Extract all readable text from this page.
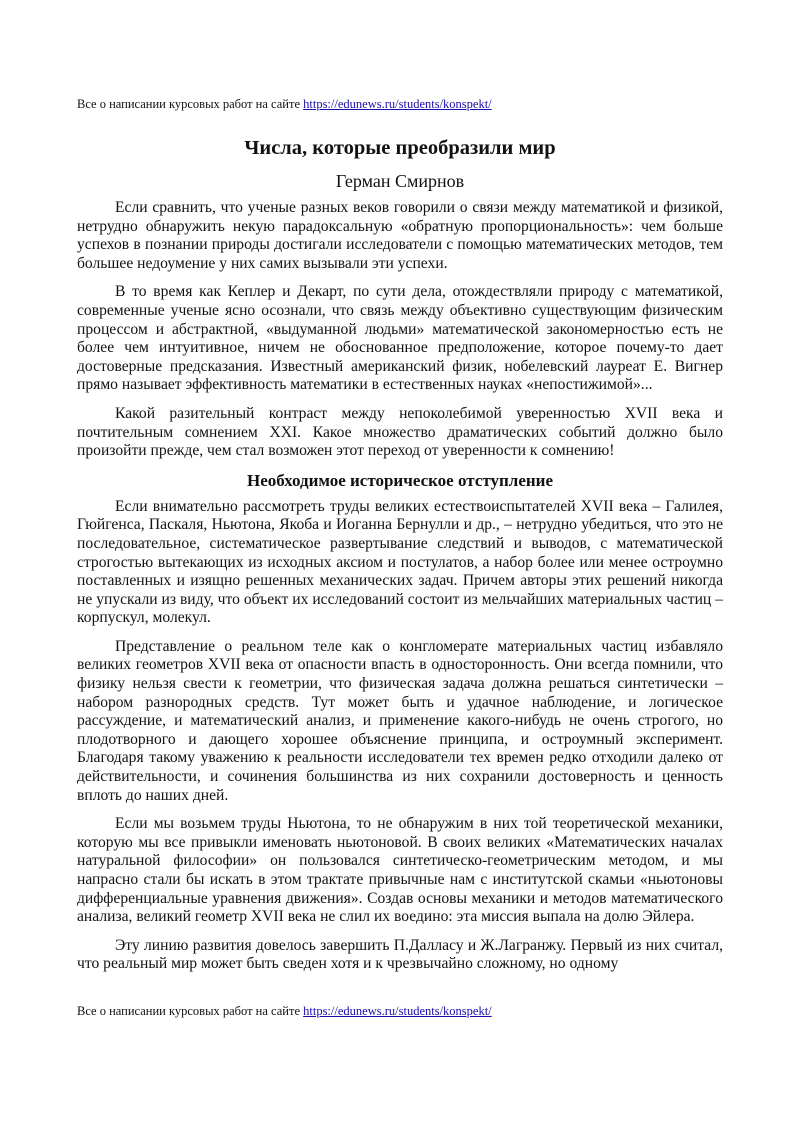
Все о написании курсовых работ на сайте https://edunews.ru/students/konspekt/
Числа, которые преобразили мир
Герман Смирнов

Если сравнить, что ученые разных веков говорили о связи между математикой и физикой, нетрудно обнаружить некую парадоксальную «обратную пропорциональность»: чем больше успехов в познании природы достигали исследователи с помощью математических методов, тем большее недоумение у них самих вызывали эти успехи.

В то время как Кеплер и Декарт, по сути дела, отождествляли природу с математикой, современные ученые ясно осознали, что связь между объективно существующим физическим процессом и абстрактной, «выдуманной людьми» математической закономерностью есть не более чем интуитивное, ничем не обоснованное предположение, которое почему-то дает достоверные предсказания. Известный американский физик, нобелевский лауреат Е. Вигнер прямо называет эффективность математики в естественных науках «непостижимой»...

Какой разительный контраст между непоколебимой уверенностью XVII века и почтительным сомнением XXI. Какое множество драматических событий должно было произойти прежде, чем стал возможен этот переход от уверенности к сомнению!

Необходимое историческое отступление

Если внимательно рассмотреть труды великих естествоиспытателей XVII века – Галилея, Гюйгенса, Паскаля, Ньютона, Якоба и Иоганна Бернулли и др., – нетрудно убедиться, что это не последовательное, систематическое развертывание следствий и выводов, с математической строгостью вытекающих из исходных аксиом и постулатов, а набор более или менее остроумно поставленных и изящно решенных механических задач. Причем авторы этих решений никогда не упускали из виду, что объект их исследований состоит из мельчайших материальных частиц – корпускул, молекул.

Представление о реальном теле как о конгломерате материальных частиц избавляло великих геометров XVII века от опасности впасть в односторонность. Они всегда помнили, что физику нельзя свести к геометрии, что физическая задача должна решаться синтетически – набором разнородных средств. Тут может быть и удачное наблюдение, и логическое рассуждение, и математический анализ, и применение какого-нибудь не очень строгого, но плодотворного и дающего хорошее объяснение принципа, и остроумный эксперимент. Благодаря такому уважению к реальности исследователи тех времен редко отходили далеко от действительности, и сочинения большинства из них сохранили достоверность и ценность вплоть до наших дней.

Если мы возьмем труды Ньютона, то не обнаружим в них той теоретической механики, которую мы все привыкли именовать ньютоновой. В своих великих «Математических началах натуральной философии» он пользовался синтетическо-геометрическим методом, и мы напрасно стали бы искать в этом трактате привычные нам с институтской скамьи «ньютоновы дифференциальные уравнения движения». Создав основы механики и методов математического анализа, великий геометр XVII века не слил их воедино: эта миссия выпала на долю Эйлера.

Эту линию развития довелось завершить П.Далласу и Ж.Лагранжу. Первый из них считал, что реальный мир может быть сведен хотя и к чрезвычайно сложному, но одному

Все о написании курсовых работ на сайте https://edunews.ru/students/konspekt/
